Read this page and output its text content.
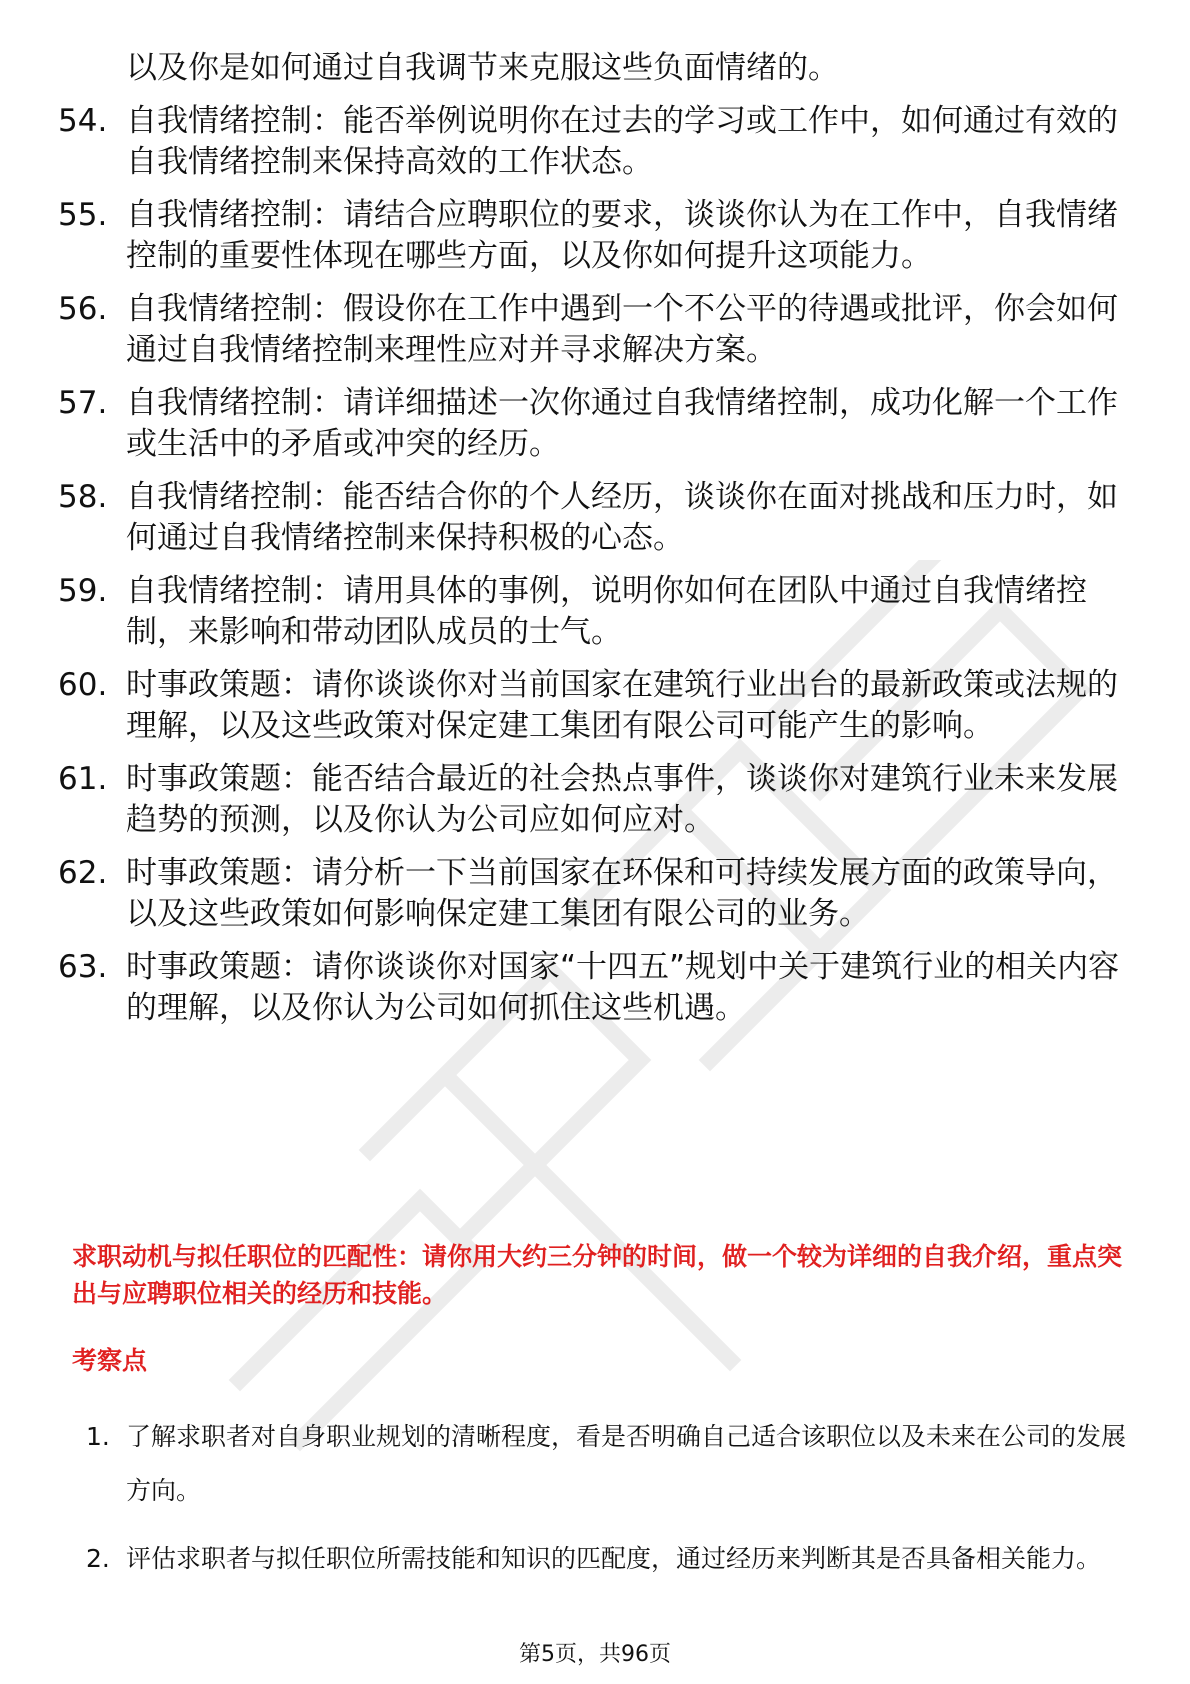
以及你是如何通过自我调节来克服这些负面情绪的。
54. 自我情绪控制：能否举例说明你在过去的学习或工作中，如何通过有效的自我情绪控制来保持高效的工作状态。
55. 自我情绪控制：请结合应聘职位的要求，谈谈你认为在工作中，自我情绪控制的重要性体现在哪些方面，以及你如何提升这项能力。
56. 自我情绪控制：假设你在工作中遇到一个不公平的待遇或批评，你会如何通过自我情绪控制来理性应对并寻求解决方案。
57. 自我情绪控制：请详细描述一次你通过自我情绪控制，成功化解一个工作或生活中的矛盾或冲突的经历。
58. 自我情绪控制：能否结合你的个人经历，谈谈你在面对挑战和压力时，如何通过自我情绪控制来保持积极的心态。
59. 自我情绪控制：请用具体的事例，说明你如何在团队中通过自我情绪控制，来影响和带动团队成员的士气。
60. 时事政策题：请你谈谈你对当前国家在建筑行业出台的最新政策或法规的理解，以及这些政策对保定建工集团有限公司可能产生的影响。
61. 时事政策题：能否结合最近的社会热点事件，谈谈你对建筑行业未来发展趋势的预测，以及你认为公司应如何应对。
62. 时事政策题：请分析一下当前国家在环保和可持续发展方面的政策导向，以及这些政策如何影响保定建工集团有限公司的业务。
63. 时事政策题：请你谈谈你对国家“十四五”规划中关于建筑行业的相关内容的理解，以及你认为公司如何抓住这些机遇。
求职动机与拟任职位的匹配性：请你用大约三分钟的时间，做一个较为详细的自我介绍，重点突出与应聘职位相关的经历和技能。
考察点
1. 了解求职者对自身职业规划的清晰程度，看是否明确自己适合该职位以及未来在公司的发展方向。
2. 评估求职者与拟任职位所需技能和知识的匹配度，通过经历来判断其是否具备相关能力。
第5页，共96页
